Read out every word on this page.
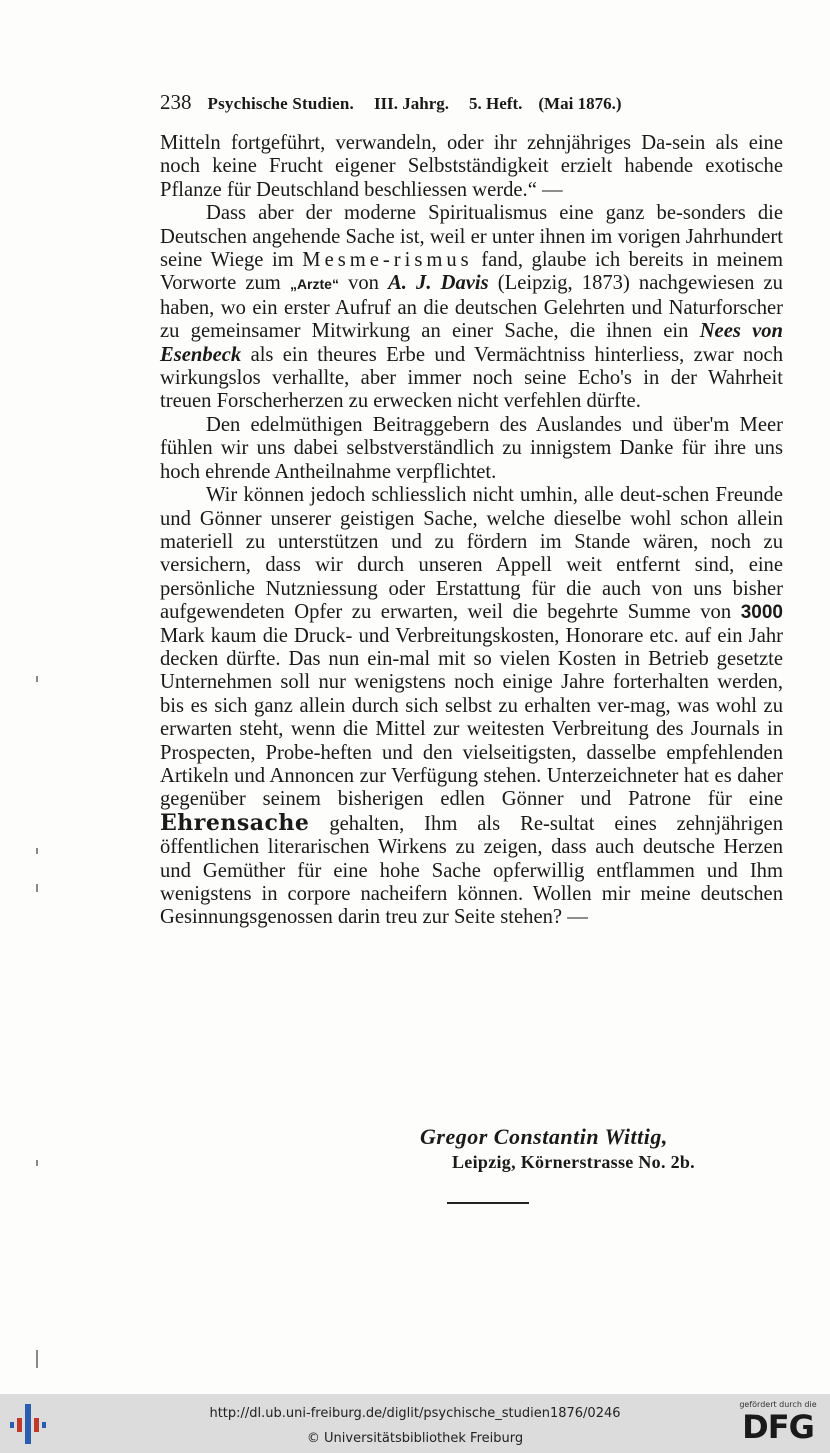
238 Psychische Studien. III. Jahrg. 5. Heft. (Mai 1876.)

Mitteln fortgeführt, verwandeln, oder ihr zehnjähriges Da-sein als eine noch keine Frucht eigener Selbstständigkeit erzielt habende exotische Pflanze für Deutschland beschliessen werde.“ —

Dass aber der moderne Spiritualismus eine ganz be-sonders die Deutschen angehende Sache ist, weil er unter ihnen im vorigen Jahrhundert seine Wiege im Mesme-rismus fand, glaube ich bereits in meinem Vorworte zum „Arzte“ von A. J. Davis (Leipzig, 1873) nachgewiesen zu haben, wo ein erster Aufruf an die deutschen Gelehrten und Naturforscher zu gemeinsamer Mitwirkung an einer Sache, die ihnen ein Nees von Esenbeck als ein theures Erbe und Vermächtniss hinterliess, zwar noch wirkungslos verhallte, aber immer noch seine Echo's in der Wahrheit treuen Forscherherzen zu erwecken nicht verfehlen dürfte.

Den edelmüthigen Beitraggebern des Auslandes und über'm Meer fühlen wir uns dabei selbstverständlich zu innigstem Danke für ihre uns hoch ehrende Antheilnahme verpflichtet.

Wir können jedoch schliesslich nicht umhin, alle deut-schen Freunde und Gönner unserer geistigen Sache, welche dieselbe wohl schon allein materiell zu unterstützen und zu fördern im Stande wären, noch zu versichern, dass wir durch unseren Appell weit entfernt sind, eine persönliche Nutzniessung oder Erstattung für die auch von uns bisher aufgewendeten Opfer zu erwarten, weil die begehrte Summe von 3000 Mark kaum die Druck- und Verbreitungskosten, Honorare etc. auf ein Jahr decken dürfte. Das nun ein-mal mit so vielen Kosten in Betrieb gesetzte Unternehmen soll nur wenigstens noch einige Jahre forterhalten werden, bis es sich ganz allein durch sich selbst zu erhalten ver-mag, was wohl zu erwarten steht, wenn die Mittel zur weitesten Verbreitung des Journals in Prospecten, Probe-heften und den vielseitigsten, dasselbe empfehlenden Artikeln und Annoncen zur Verfügung stehen. Unterzeichneter hat es daher gegenüber seinem bisherigen edlen Gönner und Patrone für eine Ehrensache gehalten, Ihm als Re-sultat eines zehnjährigen öffentlichen literarischen Wirkens zu zeigen, dass auch deutsche Herzen und Gemüther für eine hohe Sache opferwillig entflammen und Ihm wenigstens in corpore nacheifern können. Wollen mir meine deutschen Gesinnungsgenossen darin treu zur Seite stehen? —

Gregor Constantin Wittig,
Leipzig, Körnerstrasse No. 2b.
http://dl.ub.uni-freiburg.de/diglit/psychische_studien1876/0246
© Universitätsbibliothek Freiburg
gefördert durch die
DFG
